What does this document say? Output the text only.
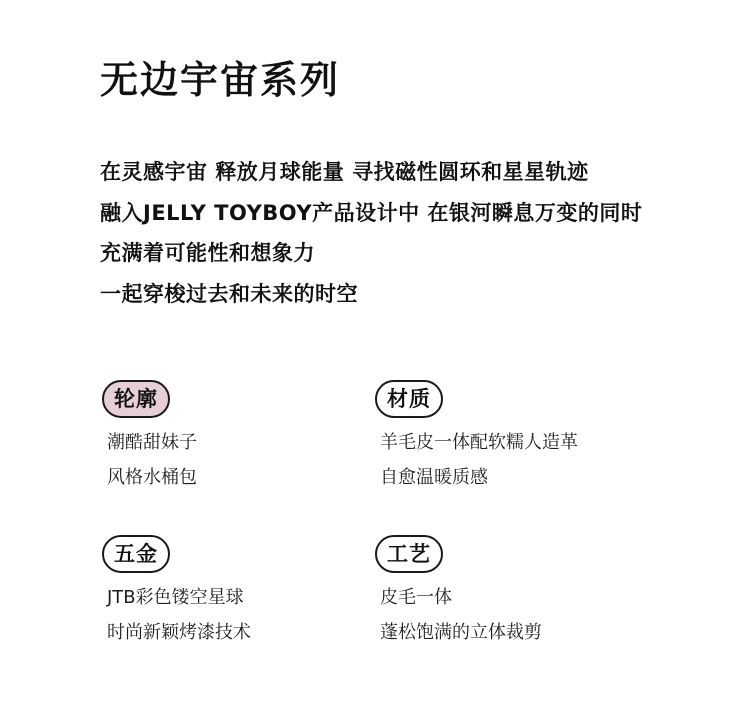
无边宇宙系列
在灵感宇宙 释放月球能量 寻找磁性圆环和星星轨迹
融入JELLY TOYBOY产品设计中 在银河瞬息万变的同时
充满着可能性和想象力
一起穿梭过去和未来的时空
轮廓
潮酷甜妹子
风格水桶包
材质
羊毛皮一体配软糯人造革
自愈温暖质感
五金
JTB彩色镂空星球
时尚新颖烤漆技术
工艺
皮毛一体
蓬松饱满的立体裁剪
